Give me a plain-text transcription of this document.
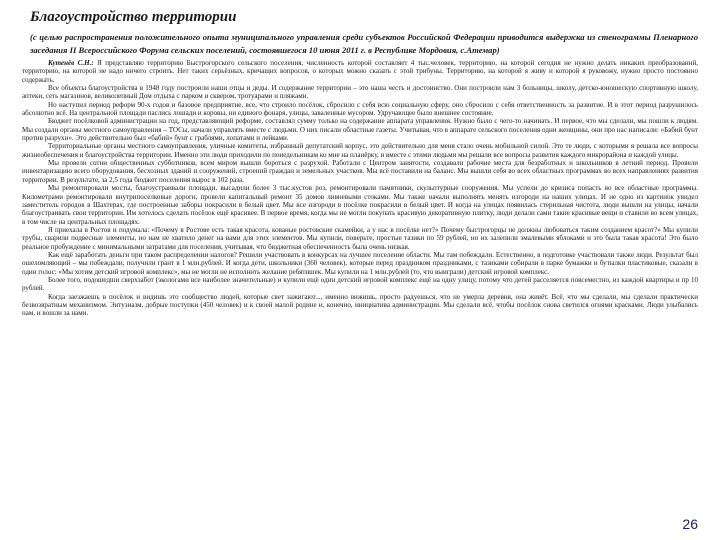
Благоустройство территории
(с целью распространения положительного опыта муниципального управления среди субъектов Российской Федерации приводится выдержка из стенограммы Пленарного заседания II Всероссийского Форума сельских поселений, состоявшегося 10 июня 2011 г. в Республике Мордовия, с.Атемар)

Кутенёв С.Н.: Я представляю территорию Быстрогорского сельского поселения, численность которой составляет 4 тыс.человек, территорию, на которой сегодня не нужно делать никаких преобразований, территорию, на которой не надо ничего строить. Нет таких серьёзных, кричащих вопросов, о которых можно сказать с этой трибуны. Территорию, на которой я живу и которой я руковожу, нужно просто постоянно содержать.

Все объекты благоустройства в 1948 году построили наши отцы и деды. И содержание территории – это наша честь и достоинство. Они построили нам 3 больницы, школу, детско-юношескую спортивную школу, аптеки, сеть магазинов, великолепный Дом отдыха с парком и сквером, тротуарами и пляжами.

Но наступил период реформ 90-х годов и базовое предприятие, все, что строило посёлок, сбросило с себя всю социальную сферу, оно сбросило с себя ответственность за развитие. И в этот период разрушилось абсолютно всё. На центральной площади паслись лошади и коровы, ни единого фонаря, улицы, заваленные мусором. Удручающее было внешнее состояние.

Бюджет посёлковой администрации на год, представляющий реформе, составлял сумму только на содержание аппарата управления. Нужно было с чего-то начинать. И первое, что мы сделали, мы пошли к людям. Мы создали органы местного самоуправления – ТОСы, начали управлять вместе с людьми. О них писали областные газеты. Учитывая, что в аппарате сельского поселения одни женщины, они про нас написали: «Бабий бунт против разрухи». Это действительно был «бабий» бунт с граблями, лопатами и лейками.

Территориальные органы местного самоуправления, уличные комитеты, избранный депутатский корпус, это действительно для меня стало очень мобильной силой. Это те люди, с которыми я решала все вопросы жизнеобеспечения и благоустройства территории. Именно эти люди приходили по понедельникам ко мне на планёрку, и вместе с этими людьми мы решали все вопросы развития каждого микрорайона и каждой улицы.

Мы провели сотни общественных субботников, всем миром вышли бороться с разрухой. Работали с Центром занятости, создавали рабочие места для безработных и школьников в летний период. Провели инвентаризацию всего оборудования, бесхозных зданий и сооружений, строений граждан и земельных участков. Мы всё поставили на баланс. Мы вышли себя во всех областных программах во всех направлениях развития территории. В результате, за 2,5 года бюджет поселения вырос в 102 раза.

Мы ремонтировали мосты, благоустраивали площади, высадили более 3 тыс.кустов роз, ремонтировали памятники, скульптурные сооружения. Мы успели до кризиса попасть во все областные программы. Километрами ремонтировали внутрипоселковые дороги, провели капитальный ремонт 35 домов ливневыми стоками. Мы также начали выполнять менять изгороди на наших улицах. И не одно из картинок увидел заместитель городов в Шахтерах, где построенные заборы покрасили в белый цвет. Мы все изгороди в посёлке покрасили в белый цвет. И когда на улицах появилась стерильная чистота, люди вышли на улицы, начали благоустраивать свои территории. Им хотелось сделать посёлок ещё красивее. В первое время, когда мы не могли покупать красивую декоративную плитку, люди делали сами такие красивые вещи и ставили во всем улицах, в том числе на центральных площадях.

Я приехала в Ростов и подумала: «Почему в Ростове есть такая красота, кованые ростовские скамейки, а у нас в посёлке нет?» Почему быстрогорцы не должны любоваться таким созданием красот?» Мы купили трубы, сварили подвесные элементы, но нам не хватило денег на вами для этих элементов. Мы купили, поверьте, простые тазики по 59 рублей, но их залепили эмалевыми яблоками и это была такая красота! Это было реальное пробуждение с минимальными затратами для поселения, учитывая, что бюджетная обеспеченность была очень низкая.

Как ещё заработать деньги при таком распределении налогов? Решили участвовать в конкурсах на лучшее поселение области. Мы там побеждали. Естественно, в подготовке участвовали также люди. Результат был ошеломляющий – мы побеждали, получили грант в 1 млн.рублей. И когда дети, школьники (360 человек), которые перед праздником праздниками, с тазиками собирали в парке бумажки и бутылки пластиковые, сказали в один голос: «Мы хотим детский игровой комплекс», мы не могли не исполнить желание ребятишек. Мы купили на 1 млн.рублей (то, что выиграли) детский игровой комплекс.

Более того, подошедши сверхзабот (экологами все наиболее значительные) и купили ещё один детский игровой комплекс ещё на одну улицу, потому что детей расселяется повсеместно, из каждой квартиры и пр 10 рублей.

Когда заезжаешь в посёлок и видишь это сообщество людей, которые свет зажигают..., именно вижишь, просто радуешься, что не умерла деревня, она живёт. Всё, что мы сделали, мы сделали практически безвозвратным механизмом. Энтузиазм, добрые поступки (450 человек) и к своей малой родине и, конечно, инициатива администрации. Мы сделали всё, чтобы посёлок снова светился огнями красками. Люди улыбались нам, и вошли за нами.

26
